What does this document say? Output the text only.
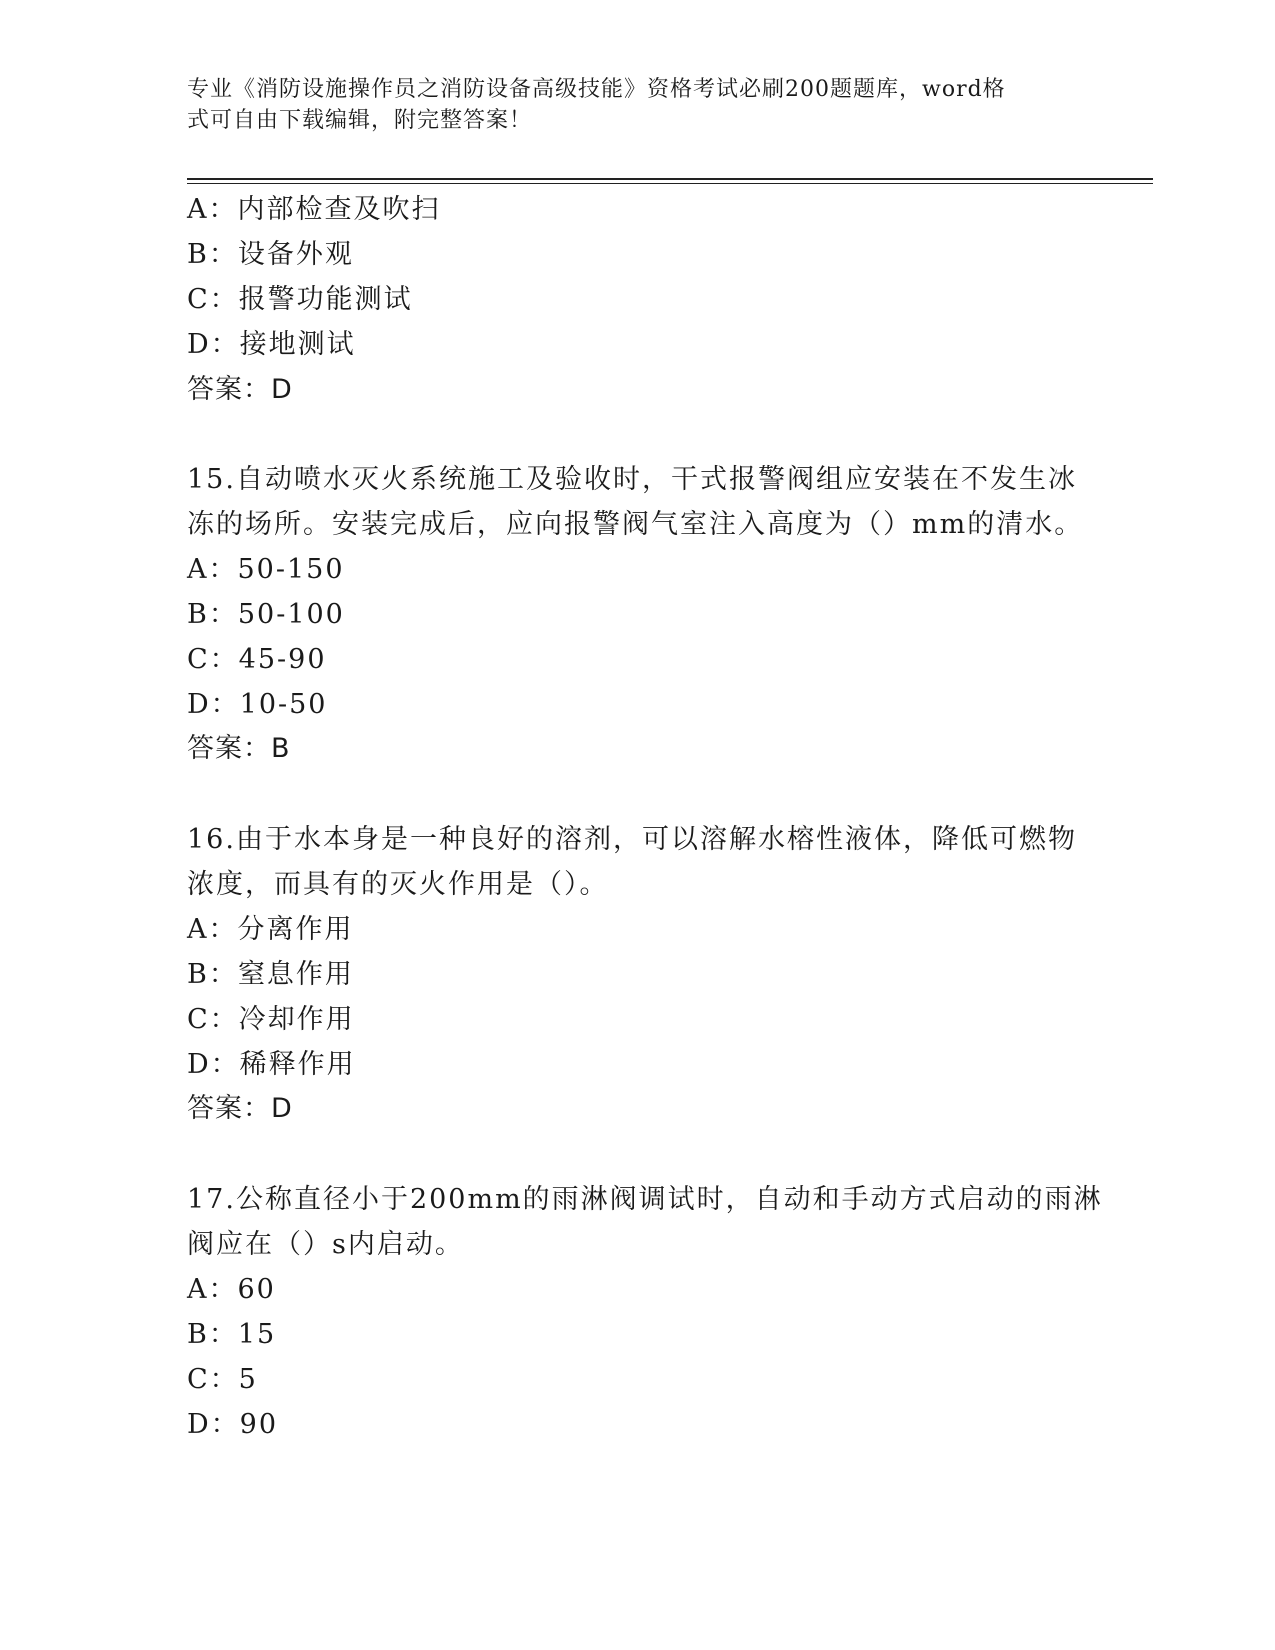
专业《消防设施操作员之消防设备高级技能》资格考试必刷200题题库，word格
式可自由下载编辑，附完整答案！
A：内部检查及吹扫
B：设备外观
C：报警功能测试
D：接地测试
答案：D
15.自动喷水灭火系统施工及验收时，干式报警阀组应安装在不发生冰
冻的场所。安装完成后，应向报警阀气室注入高度为（）mm的清水。
A：50-150
B：50-100
C：45-90
D：10-50
答案：B
16.由于水本身是一种良好的溶剂，可以溶解水榕性液体，降低可燃物
浓度，而具有的灭火作用是（）。
A：分离作用
B：窒息作用
C：冷却作用
D：稀释作用
答案：D
17.公称直径小于200mm的雨淋阀调试时，自动和手动方式启动的雨淋
阀应在（）s内启动。
A：60
B：15
C：5
D：90
